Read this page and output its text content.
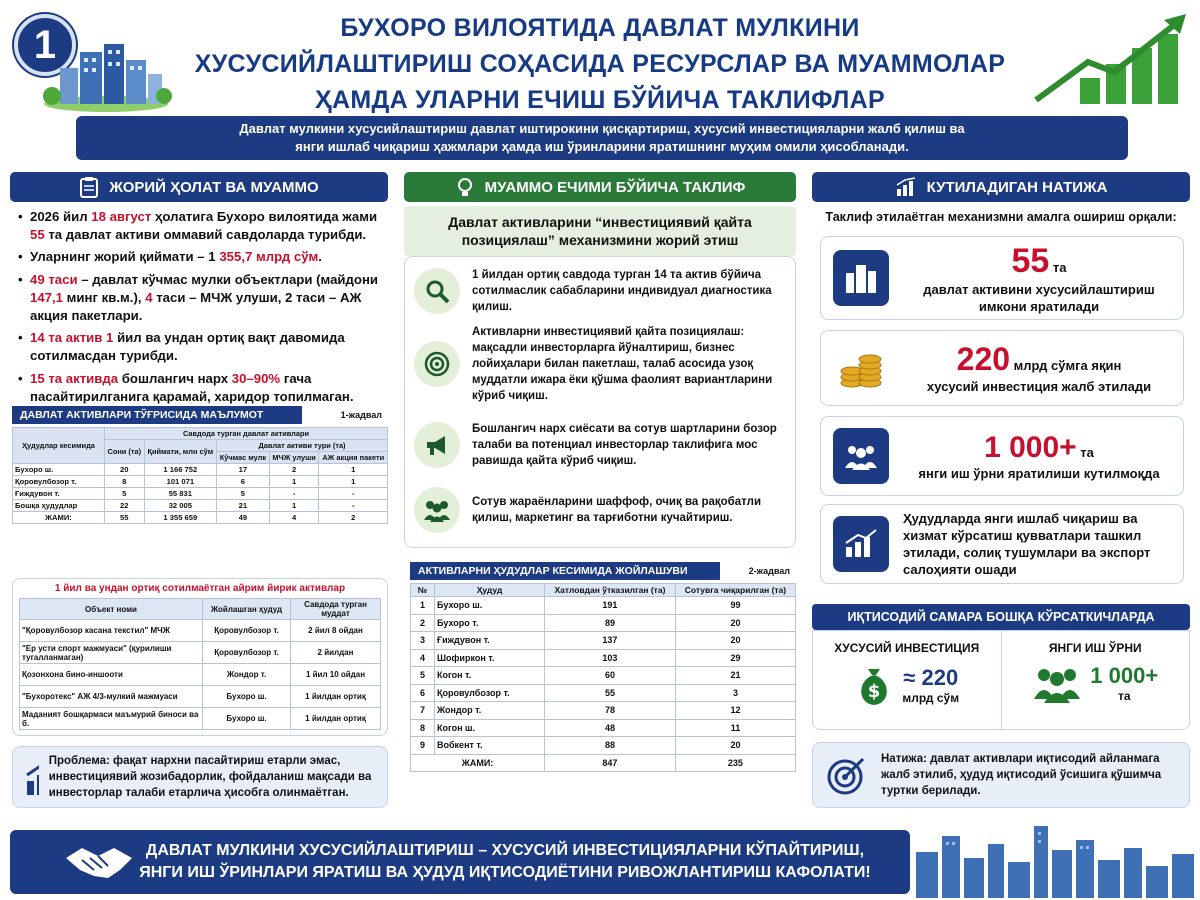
1	БУХОРО ВИЛОЯТИДА ДАВЛАТ МУЛКИНИ
ХУСУСИЙЛАШТИРИШ СОҲАСИДА РЕСУРСЛАР ВА МУАММОЛАР
ҲАМДА УЛАРНИ ЕЧИШ БЎЙИЧА ТАКЛИФЛАР
Давлат мулкини хусусийлаштириш давлат иштирокини қисқартириш, хусусий инвестицияларни жалб қилиш ва
янги ишлаб чиқариш ҳажмлари ҳамда иш ўринларини яратишнинг муҳим омили ҳисобланади.
ЖОРИЙ ҲОЛАТ ВА МУАММО
• 2026 йил 18 август ҳолатига Бухоро вилоятида жами 55 та давлат активи оммавий савдоларда турибди.
• Уларнинг жорий қиймати – 1 355,7 млрд сўм.
• 49 таси – давлат кўчмас мулки объектлари (майдони 147,1 минг кв.м.), 4 таси – МЧЖ улуши, 2 таси – АЖ акция пакетлари.
• 14 та актив 1 йил ва ундан ортиқ вақт давомида сотилмасдан турибди.
• 15 та активда бошлангич нарх 30–90% гача пасайтирилганига қарамай, харидор топилмаган.
ДАВЛАТ АКТИВЛАРИ ТЎҒРИСИДА МАЪЛУМОТ	1-жадвал
Ҳудудлар кесимида	Савдода турган давлат активлари				
	Сони (та)	Қиймати, млн сўм	Давлат активи тури (та)		
			Кўчмас мулк	МЧЖ улуши	АЖ акция пакети
Бухоро ш.	20	1 166 752	17	2	1
Қоровулбозор т.	8	101 071	6	1	1
Ғиждувон т.	5	55 831	5	-	-
Бошқа ҳудудлар	22	32 005	21	1	-
ЖАМИ:	55	1 355 659	49	4	2
1 йил ва ундан ортиқ сотилмаётган айрим йирик активлар
Объект номи	Жойлашган ҳудуд	Савдода турган муддат
"Қоровулбозор касана текстил" МЧЖ	Қоровулбозор т.	2 йил 8 ойдан
"Ер усти спорт мажмуаси" (қурилиши тугалланмаган)	Қоровулбозор т.	2 йилдан
Қозонхона бино-иншооти	Жондор т.	1 йил 10 ойдан
"Бухоротекс" АЖ 4/3-мулкий мажмуаси	Бухоро ш.	1 йилдан ортиқ
Маданият бошқармаси маъмурий биноси ва б.	Бухоро ш.	1 йилдан ортиқ
Проблема: фақат нархни пасайтириш етарли эмас, инвестициявий жозибадорлик, фойдаланиш мақсади ва инвесторлар талаби етарлича ҳисобга олинмаётган.
МУАММО ЕЧИМИ БЎЙИЧА ТАКЛИФ
Давлат активларини “инвестициявий қайта позициялаш” механизмини жорий этиш
1 йилдан ортиқ савдода турган 14 та актив бўйича сотилмаслик сабабларини индивидуал диагностика қилиш.
Активларни инвестициявий қайта позициялаш: мақсадли инвесторларга йўналтириш, бизнес лойиҳалари билан пакетлаш, талаб асосида узоқ муддатли ижара ёки қўшма фаолият вариантларини кўриб чиқиш.
Бошлангич нарх сиёсати ва сотув шартларини бозор талаби ва потенциал инвесторлар таклифига мос равишда қайта кўриб чиқиш.
Сотув жараёнларини шаффоф, очиқ ва рақобатли қилиш, маркетинг ва тарғиботни кучайтириш.
АКТИВЛАРНИ ҲУДУДЛАР КЕСИМИДА ЖОЙЛАШУВИ	2-жадвал
№	Ҳудуд	Хатловдан ўтказилган (та)	Сотувга чиқарилган (та)
1	Бухоро ш.	191	99
2	Бухоро т.	89	20
3	Ғиждувон т.	137	20
4	Шофиркон т.	103	29
5	Когон т.	60	21
6	Қоровулбозор т.	55	3
7	Жондор т.	78	12
8	Когон ш.	48	11
9	Вобкент т.	88	20
ЖАМИ:		847	235
КУТИЛАДИГАН НАТИЖА
Таклиф этилаётган механизмни амалга ошириш орқали:
55 та
давлат активини хусусийлаштириш имкони яратилади
220 млрд сўмга яқин
хусусий инвестиция жалб этилади
1 000+ та
янги иш ўрни яратилиши кутилмоқда
Ҳудудларда янги ишлаб чиқариш ва хизмат кўрсатиш қувватлари ташкил этилади, солиқ тушумлари ва экспорт салоҳияти ошади
ИҚТИСОДИЙ САМАРА БОШҚА КЎРСАТКИЧЛАРДА
ХУСУСИЙ ИНВЕСТИЦИЯ
$
≈ 220
млрд сўм
ЯНГИ ИШ ЎРНИ
1 000+
та
Натижа: давлат активлари иқтисодий айланмага жалб этилиб, ҳудуд иқтисодий ўсишига қўшимча туртки берилади.
ДАВЛАТ МУЛКИНИ ХУСУСИЙЛАШТИРИШ – ХУСУСИЙ ИНВЕСТИЦИЯЛАРНИ КЎПАЙТИРИШ,
ЯНГИ ИШ ЎРИНЛАРИ ЯРАТИШ ВА ҲУДУД ИҚТИСОДИЁТИНИ РИВОЖЛАНТИРИШ КАФОЛАТИ!
